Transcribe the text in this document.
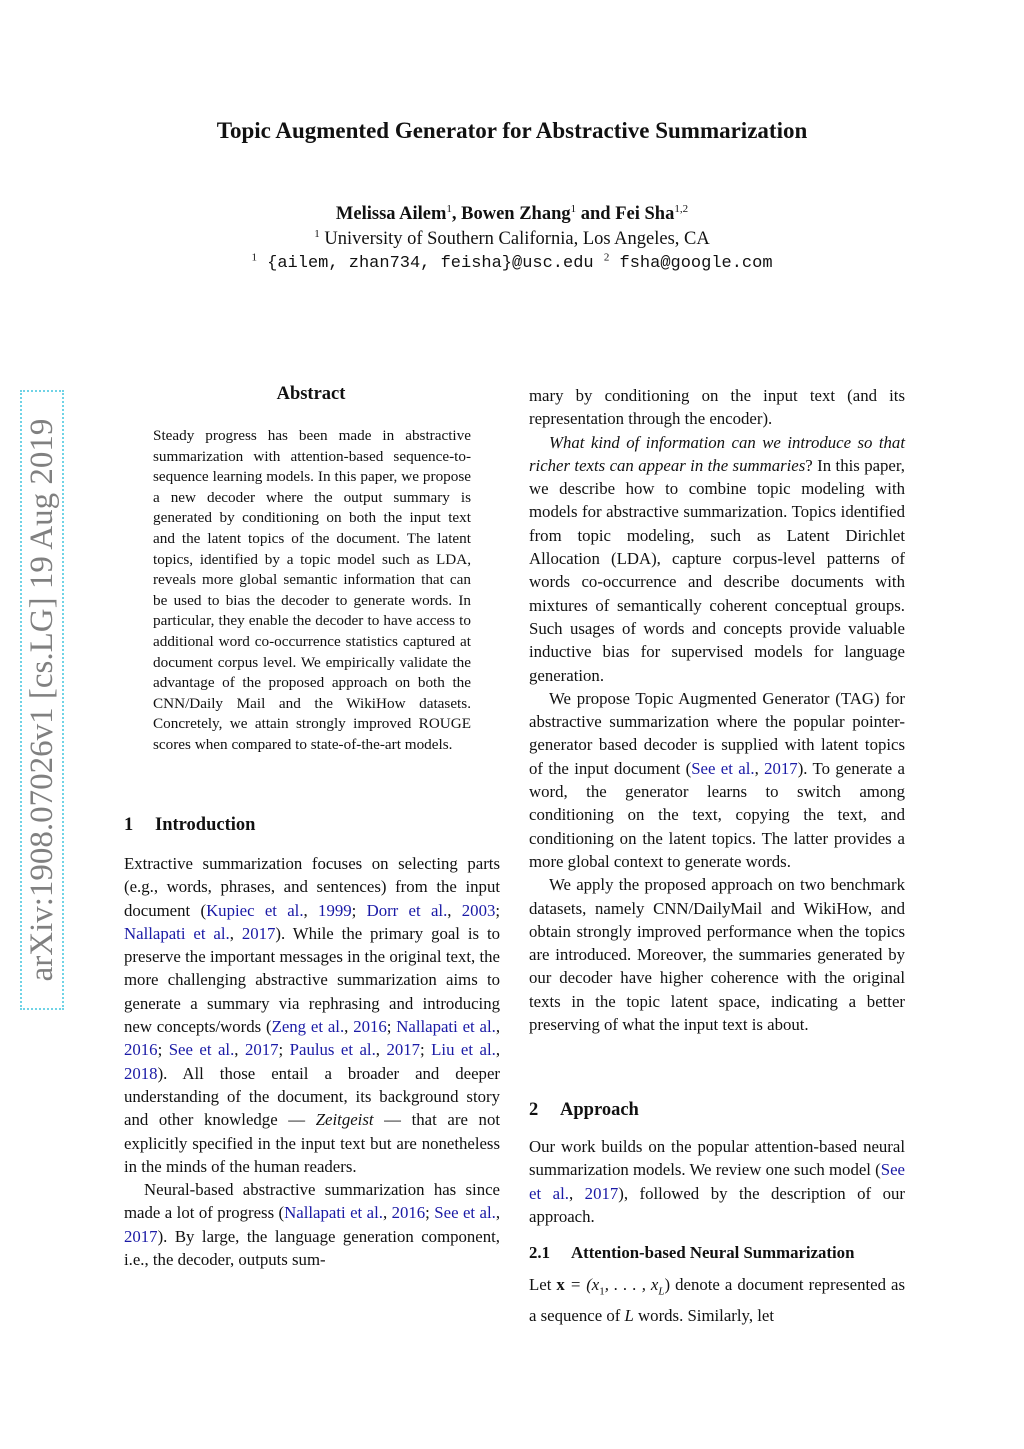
Topic Augmented Generator for Abstractive Summarization
Melissa Ailem$^1$, Bowen Zhang$^1$ and Fei Sha$^{1,2}$
$^1$ University of Southern California, Los Angeles, CA
$^1$ {ailem, zhan734, feisha}@usc.edu $^2$ fsha@google.com
arXiv:1908.07026v1 [cs.LG] 19 Aug 2019
Abstract
Steady progress has been made in abstractive summarization with attention-based sequence-to-sequence learning models. In this paper, we propose a new decoder where the output summary is generated by conditioning on both the input text and the latent topics of the document. The latent topics, identified by a topic model such as LDA, reveals more global semantic information that can be used to bias the decoder to generate words. In particular, they enable the decoder to have access to additional word co-occurrence statistics captured at document corpus level. We empirically validate the advantage of the proposed approach on both the CNN/Daily Mail and the WikiHow datasets. Concretely, we attain strongly improved ROUGE scores when compared to state-of-the-art models.
1 Introduction

Extractive summarization focuses on selecting parts (e.g., words, phrases, and sentences) from the input document (Kupiec et al., 1999; Dorr et al., 2003; Nallapati et al., 2017). While the primary goal is to preserve the important messages in the original text, the more challenging abstractive summarization aims to generate a summary via rephrasing and introducing new concepts/words (Zeng et al., 2016; Nallapati et al., 2016; See et al., 2017; Paulus et al., 2017; Liu et al., 2018). All those entail a broader and deeper understanding of the document, its background story and other knowledge — Zeitgeist — that are not explicitly specified in the input text but are nonetheless in the minds of the human readers.

Neural-based abstractive summarization has since made a lot of progress (Nallapati et al., 2016; See et al., 2017). By large, the language generation component, i.e., the decoder, outputs sum-

mary by conditioning on the input text (and its representation through the encoder).

What kind of information can we introduce so that richer texts can appear in the summaries? In this paper, we describe how to combine topic modeling with models for abstractive summarization. Topics identified from topic modeling, such as Latent Dirichlet Allocation (LDA), capture corpus-level patterns of words co-occurrence and describe documents with mixtures of semantically coherent conceptual groups. Such usages of words and concepts provide valuable inductive bias for supervised models for language generation.

We propose Topic Augmented Generator (TAG) for abstractive summarization where the popular pointer-generator based decoder is supplied with latent topics of the input document (See et al., 2017). To generate a word, the generator learns to switch among conditioning on the text, copying the text, and conditioning on the latent topics. The latter provides a more global context to generate words.

We apply the proposed approach on two benchmark datasets, namely CNN/DailyMail and WikiHow, and obtain strongly improved performance when the topics are introduced. Moreover, the summaries generated by our decoder have higher coherence with the original texts in the topic latent space, indicating a better preserving of what the input text is about.

2 Approach

Our work builds on the popular attention-based neural summarization models. We review one such model (See et al., 2017), followed by the description of our approach.

2.1 Attention-based Neural Summarization

Let $x = (x_1$, . . . , $x_L$) denote a document represented as a sequence of L words. Similarly, let
